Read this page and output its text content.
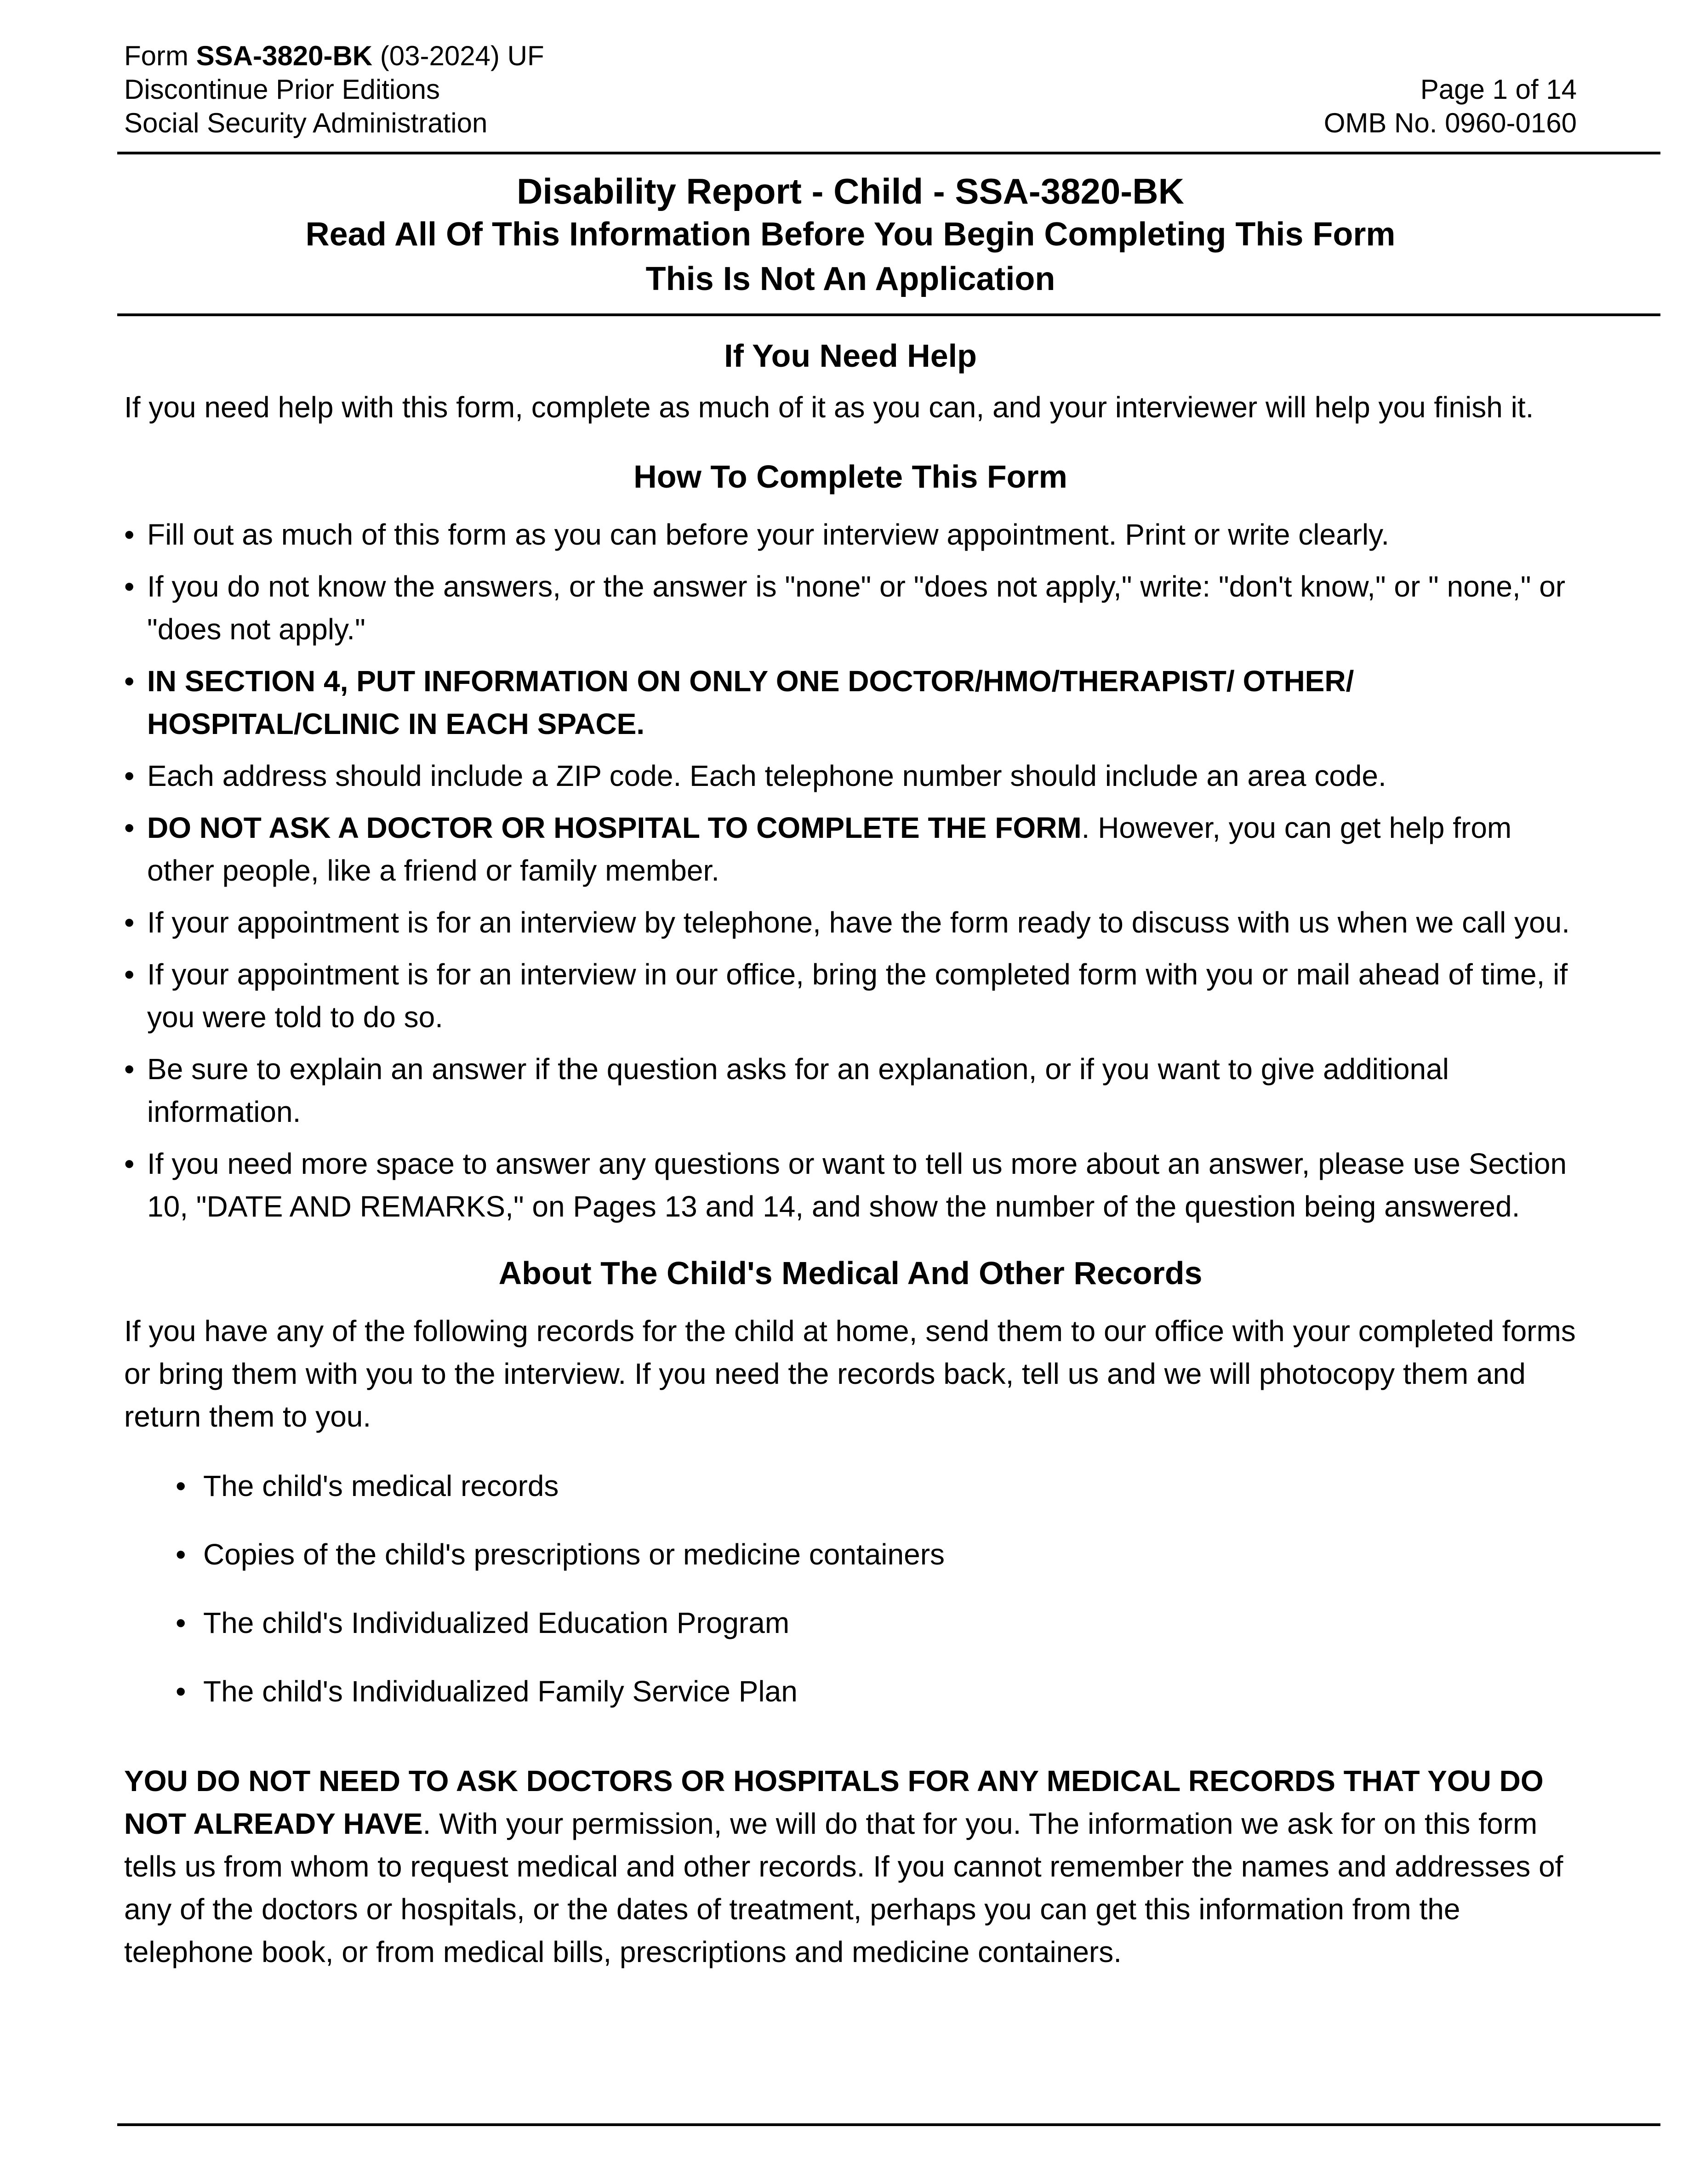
Form SSA-3820-BK (03-2024) UF
Discontinue Prior Editions
Social Security Administration
Page 1 of 14
OMB No. 0960-0160
Disability Report - Child - SSA-3820-BK
Read All Of This Information Before You Begin Completing This Form
This Is Not An Application
If You Need Help
If you need help with this form, complete as much of it as you can, and your interviewer will help you finish it.
How To Complete This Form
• Fill out as much of this form as you can before your interview appointment. Print or write clearly.
• If you do not know the answers, or the answer is "none" or "does not apply," write: "don't know," or " none," or "does not apply."
• IN SECTION 4, PUT INFORMATION ON ONLY ONE DOCTOR/HMO/THERAPIST/ OTHER/ HOSPITAL/CLINIC IN EACH SPACE.
• Each address should include a ZIP code. Each telephone number should include an area code.
• DO NOT ASK A DOCTOR OR HOSPITAL TO COMPLETE THE FORM. However, you can get help from other people, like a friend or family member.
• If your appointment is for an interview by telephone, have the form ready to discuss with us when we call you.
• If your appointment is for an interview in our office, bring the completed form with you or mail ahead of time, if you were told to do so.
• Be sure to explain an answer if the question asks for an explanation, or if you want to give additional information.
• If you need more space to answer any questions or want to tell us more about an answer, please use Section 10, "DATE AND REMARKS," on Pages 13 and 14, and show the number of the question being answered.
About The Child's Medical And Other Records
If you have any of the following records for the child at home, send them to our office with your completed forms or bring them with you to the interview. If you need the records back, tell us and we will photocopy them and return them to you.
• The child's medical records
• Copies of the child's prescriptions or medicine containers
• The child's Individualized Education Program
• The child's Individualized Family Service Plan
YOU DO NOT NEED TO ASK DOCTORS OR HOSPITALS FOR ANY MEDICAL RECORDS THAT YOU DO NOT ALREADY HAVE. With your permission, we will do that for you. The information we ask for on this form tells us from whom to request medical and other records. If you cannot remember the names and addresses of any of the doctors or hospitals, or the dates of treatment, perhaps you can get this information from the telephone book, or from medical bills, prescriptions and medicine containers.
